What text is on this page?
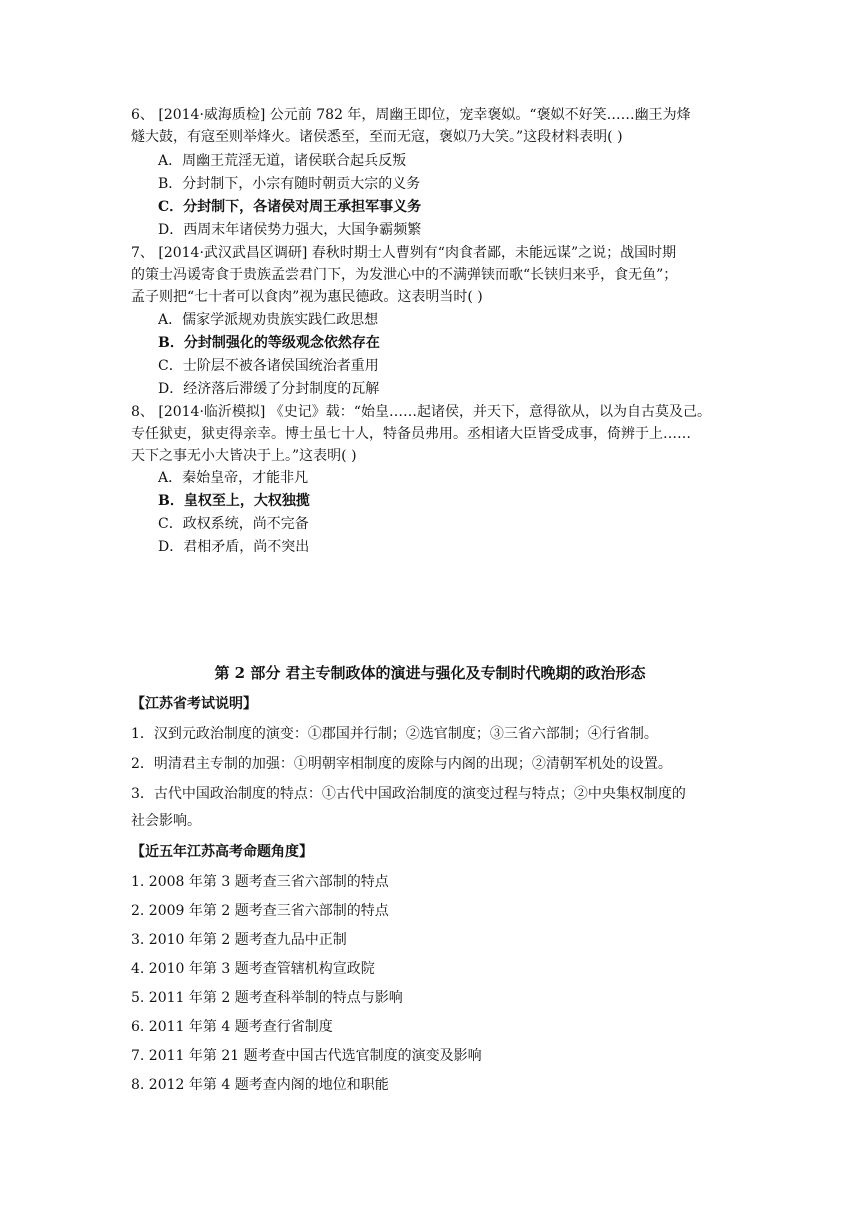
6、 [2014·威海质检] 公元前 782 年，周幽王即位，宠幸褒姒。“褒姒不好笑……幽王为烽
燧大鼓，有寇至则举烽火。诸侯悉至，至而无寇，褒姒乃大笑。”这段材料表明( )
A．周幽王荒淫无道，诸侯联合起兵反叛
B．分封制下，小宗有随时朝贡大宗的义务
C．分封制下，各诸侯对周王承担军事义务
D．西周末年诸侯势力强大，大国争霸频繁
7、 [2014·武汉武昌区调研] 春秋时期士人曹刿有“肉食者鄙，未能远谋”之说；战国时期
的策士冯谖寄食于贵族孟尝君门下，为发泄心中的不满弹铗而歌“长铗归来乎，食无鱼”；
孟子则把“七十者可以食肉”视为惠民德政。这表明当时( )
A．儒家学派规劝贵族实践仁政思想
B．分封制强化的等级观念依然存在
C．士阶层不被各诸侯国统治者重用
D．经济落后滞缓了分封制度的瓦解
8、 [2014·临沂模拟] 《史记》载：“始皇……起诸侯，并天下，意得欲从，以为自古莫及己。
专任狱吏，狱吏得亲幸。博士虽七十人，特备员弗用。丞相诸大臣皆受成事，倚辨于上……
天下之事无小大皆决于上。”这表明( )
A．秦始皇帝，才能非凡
B．皇权至上，大权独揽
C．政权系统，尚不完备
D．君相矛盾，尚不突出
第 2 部分 君主专制政体的演进与强化及专制时代晚期的政治形态
【江苏省考试说明】
1．汉到元政治制度的演变：①郡国并行制；②选官制度；③三省六部制；④行省制。
2．明清君主专制的加强：①明朝宰相制度的废除与内阁的出现；②清朝军机处的设置。
3．古代中国政治制度的特点：①古代中国政治制度的演变过程与特点；②中央集权制度的
社会影响。
【近五年江苏高考命题角度】
1. 2008 年第 3 题考查三省六部制的特点
2. 2009 年第 2 题考查三省六部制的特点
3. 2010 年第 2 题考查九品中正制
4. 2010 年第 3 题考查管辖机构宣政院
5. 2011 年第 2 题考查科举制的特点与影响
6. 2011 年第 4 题考查行省制度
7. 2011 年第 21 题考查中国古代选官制度的演变及影响
8. 2012 年第 4 题考查内阁的地位和职能
